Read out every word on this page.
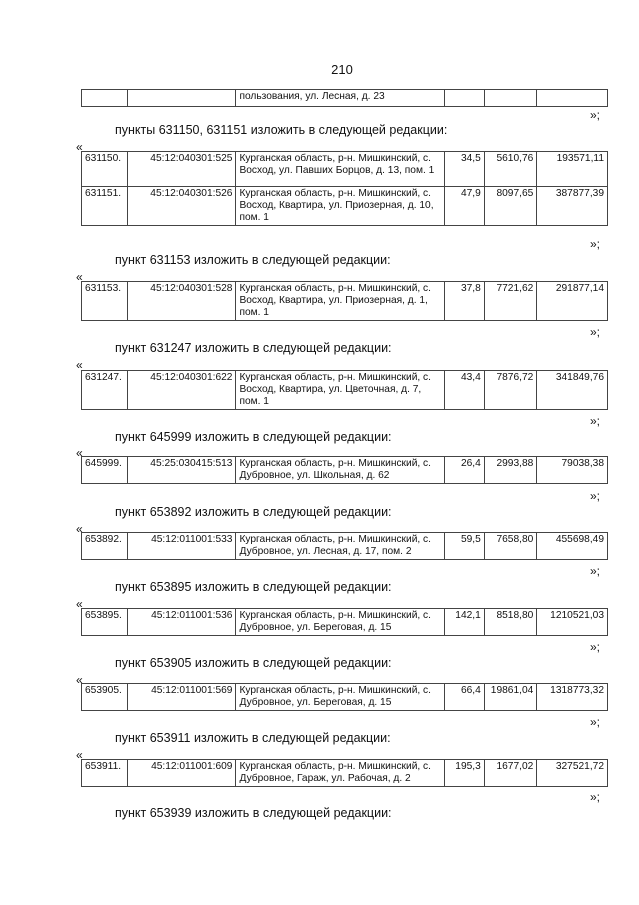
210
		пользования, ул. Лесная, д. 23			
»;
пункты 631150, 631151 изложить в следующей редакции:
«
631150.	45:12:040301:525	Курганская область, р-н. Мишкинский, с. Восход, ул. Павших Борцов, д. 13, пом. 1	34,5	5610,76	193571,11
631151.	45:12:040301:526	Курганская область, р-н. Мишкинский, с. Восход, Квартира, ул. Приозерная, д. 10, пом. 1	47,9	8097,65	387877,39
»;
пункт 631153 изложить в следующей редакции:
«
631153.	45:12:040301:528	Курганская область, р-н. Мишкинский, с. Восход, Квартира, ул. Приозерная, д. 1, пом. 1	37,8	7721,62	291877,14
»;
пункт 631247 изложить в следующей редакции:
«
631247.	45:12:040301:622	Курганская область, р-н. Мишкинский, с. Восход, Квартира, ул. Цветочная, д. 7, пом. 1	43,4	7876,72	341849,76
»;
пункт 645999 изложить в следующей редакции:
«
645999.	45:25:030415:513	Курганская область, р-н. Мишкинский, с. Дубровное, ул. Школьная, д. 62	26,4	2993,88	79038,38
»;
пункт 653892 изложить в следующей редакции:
«
653892.	45:12:011001:533	Курганская область, р-н. Мишкинский, с. Дубровное, ул. Лесная, д. 17, пом. 2	59,5	7658,80	455698,49
»;
пункт 653895 изложить в следующей редакции:
«
653895.	45:12:011001:536	Курганская область, р-н. Мишкинский, с. Дубровное, ул. Береговая, д. 15	142,1	8518,80	1210521,03
»;
пункт 653905 изложить в следующей редакции:
«
653905.	45:12:011001:569	Курганская область, р-н. Мишкинский, с. Дубровное, ул. Береговая, д. 15	66,4	19861,04	1318773,32
»;
пункт 653911 изложить в следующей редакции:
«
653911.	45:12:011001:609	Курганская область, р-н. Мишкинский, с. Дубровное, Гараж, ул. Рабочая, д. 2	195,3	1677,02	327521,72
»;
пункт 653939 изложить в следующей редакции:
